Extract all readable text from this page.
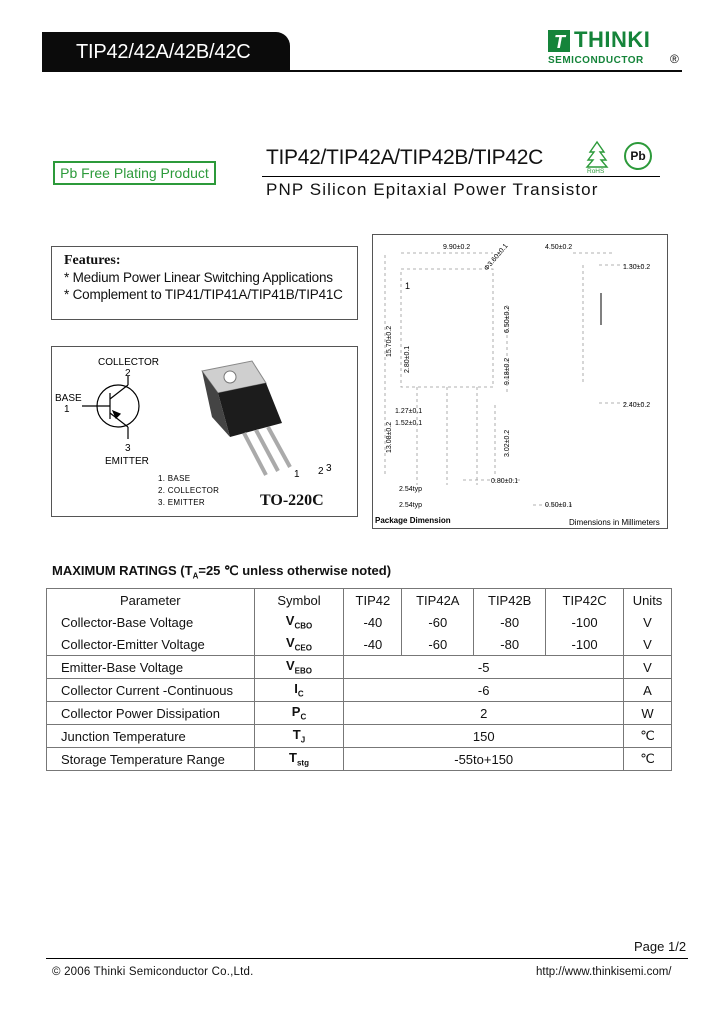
TIP42/42A/42B/42C	T THINKI
SEMICONDUCTOR ®
Pb Free Plating Product
TIP42/TIP42A/TIP42B/TIP42C
PNP Silicon Epitaxial Power Transistor
RoHS
Pb
Features:
* Medium Power Linear Switching Applications
* Complement to TIP41/TIP41A/TIP41B/TIP41C
COLLECTOR
2
BASE
1
3
EMITTER
1 2 3
1. BASE
2. COLLECTOR
3. EMITTER	TO-220C
9.90±0.2 Φ3.60±0.1	4.50±0.2
1.30±0.2
15.70±0.2
2.80±0.1
6.50±0.2
9.18±0.2
2.40±0.2
1.27±0.1
1.52±0.1
13.08±0.2	3.02±0.2
0.80±0.1
2.54typ
2.54typ	0.50±0.1
1
Package Dimension	Dimensions in Millimeters
MAXIMUM RATINGS ($T_A=25$ ℃ unless otherwise noted)
Parameter	Symbol	TIP42	TIP42A	TIP42B	TIP42C	Units
Collector-Base Voltage	$V_{CBO}$	-40	-60	-80	-100	V
Collector-Emitter Voltage	$V_{CEO}$	-40	-60	-80	-100	V
Emitter-Base Voltage	$V_{EBO}$	-5				V
Collector Current -Continuous	$I_C$	-6				A
Collector Power Dissipation	$P_C$	2				W
Junction Temperature	$T_J$	150				℃
Storage Temperature Range	$T_{stg}$	-55to+150				℃
Page 1/2
© 2006 Thinki Semiconductor Co.,Ltd.	http://www.thinkisemi.com/
